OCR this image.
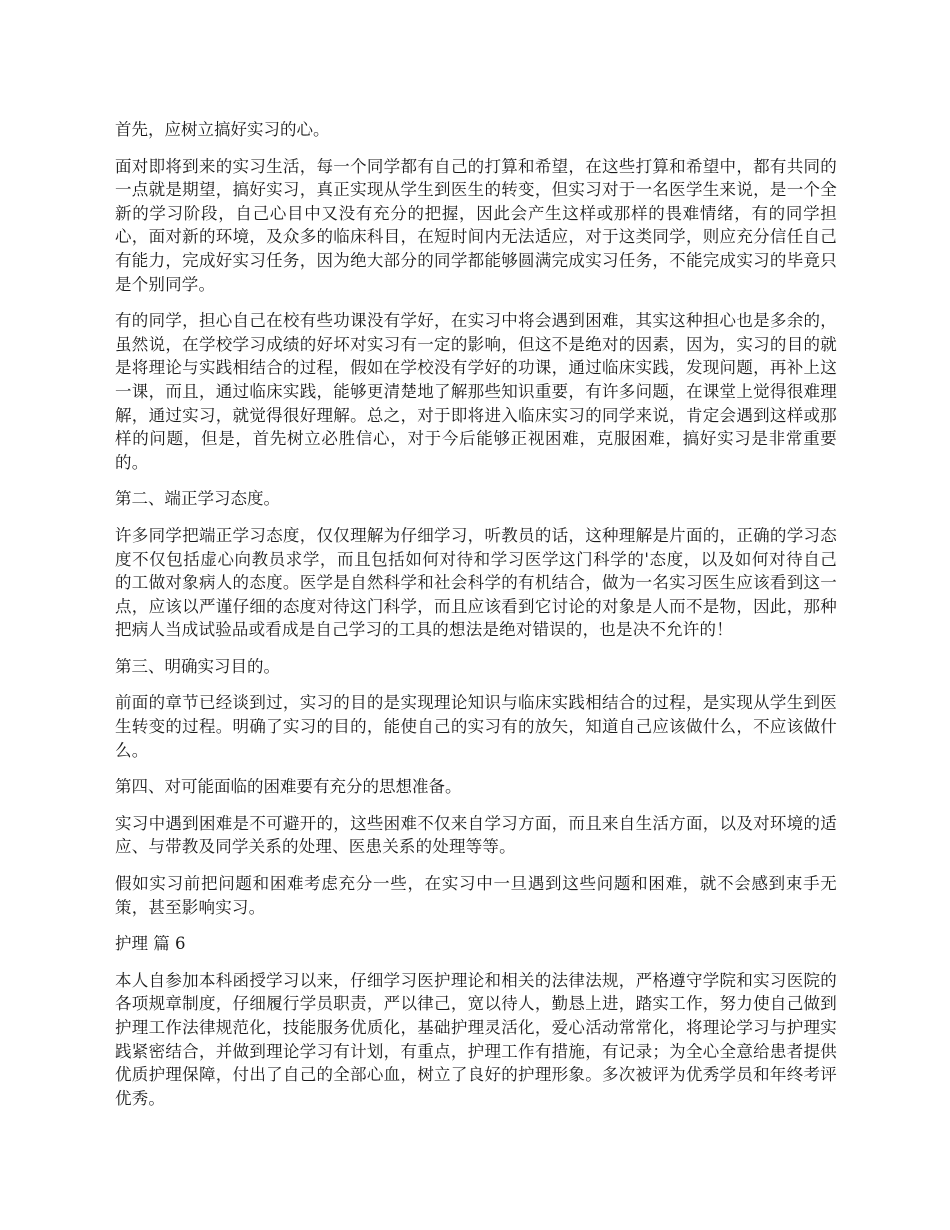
首先，应树立搞好实习的心。

面对即将到来的实习生活，每一个同学都有自己的打算和希望，在这些打算和希望中，都有共同的一点就是期望，搞好实习，真正实现从学生到医生的转变，但实习对于一名医学生来说，是一个全新的学习阶段，自己心目中又没有充分的把握，因此会产生这样或那样的畏难情绪，有的同学担心，面对新的环境，及众多的临床科目，在短时间内无法适应，对于这类同学，则应充分信任自己有能力，完成好实习任务，因为绝大部分的同学都能够圆满完成实习任务，不能完成实习的毕竟只是个别同学。

有的同学，担心自己在校有些功课没有学好，在实习中将会遇到困难，其实这种担心也是多余的，虽然说，在学校学习成绩的好坏对实习有一定的影响，但这不是绝对的因素，因为，实习的目的就是将理论与实践相结合的过程，假如在学校没有学好的功课，通过临床实践，发现问题，再补上这一课，而且，通过临床实践，能够更清楚地了解那些知识重要，有许多问题，在课堂上觉得很难理解，通过实习，就觉得很好理解。总之，对于即将进入临床实习的同学来说，肯定会遇到这样或那样的问题，但是，首先树立必胜信心，对于今后能够正视困难，克服困难，搞好实习是非常重要的。

第二、端正学习态度。

许多同学把端正学习态度，仅仅理解为仔细学习，听教员的话，这种理解是片面的，正确的学习态度不仅包括虚心向教员求学，而且包括如何对待和学习医学这门科学的'态度，以及如何对待自己的工做对象病人的态度。医学是自然科学和社会科学的有机结合，做为一名实习医生应该看到这一点，应该以严谨仔细的态度对待这门科学，而且应该看到它讨论的对象是人而不是物，因此，那种把病人当成试验品或看成是自己学习的工具的想法是绝对错误的，也是决不允许的！

第三、明确实习目的。

前面的章节已经谈到过，实习的目的是实现理论知识与临床实践相结合的过程，是实现从学生到医生转变的过程。明确了实习的目的，能使自己的实习有的放矢，知道自己应该做什么，不应该做什么。

第四、对可能面临的困难要有充分的思想准备。

实习中遇到困难是不可避开的，这些困难不仅来自学习方面，而且来自生活方面，以及对环境的适应、与带教及同学关系的处理、医患关系的处理等等。

假如实习前把问题和困难考虑充分一些，在实习中一旦遇到这些问题和困难，就不会感到束手无策，甚至影响实习。

护理 篇 6

本人自参加本科函授学习以来，仔细学习医护理论和相关的法律法规，严格遵守学院和实习医院的各项规章制度，仔细履行学员职责，严以律己，宽以待人，勤恳上进，踏实工作，努力使自己做到护理工作法律规范化，技能服务优质化，基础护理灵活化，爱心活动常常化，将理论学习与护理实践紧密结合，并做到理论学习有计划，有重点，护理工作有措施，有记录；为全心全意给患者提供优质护理保障，付出了自己的全部心血，树立了良好的护理形象。多次被评为优秀学员和年终考评优秀。
